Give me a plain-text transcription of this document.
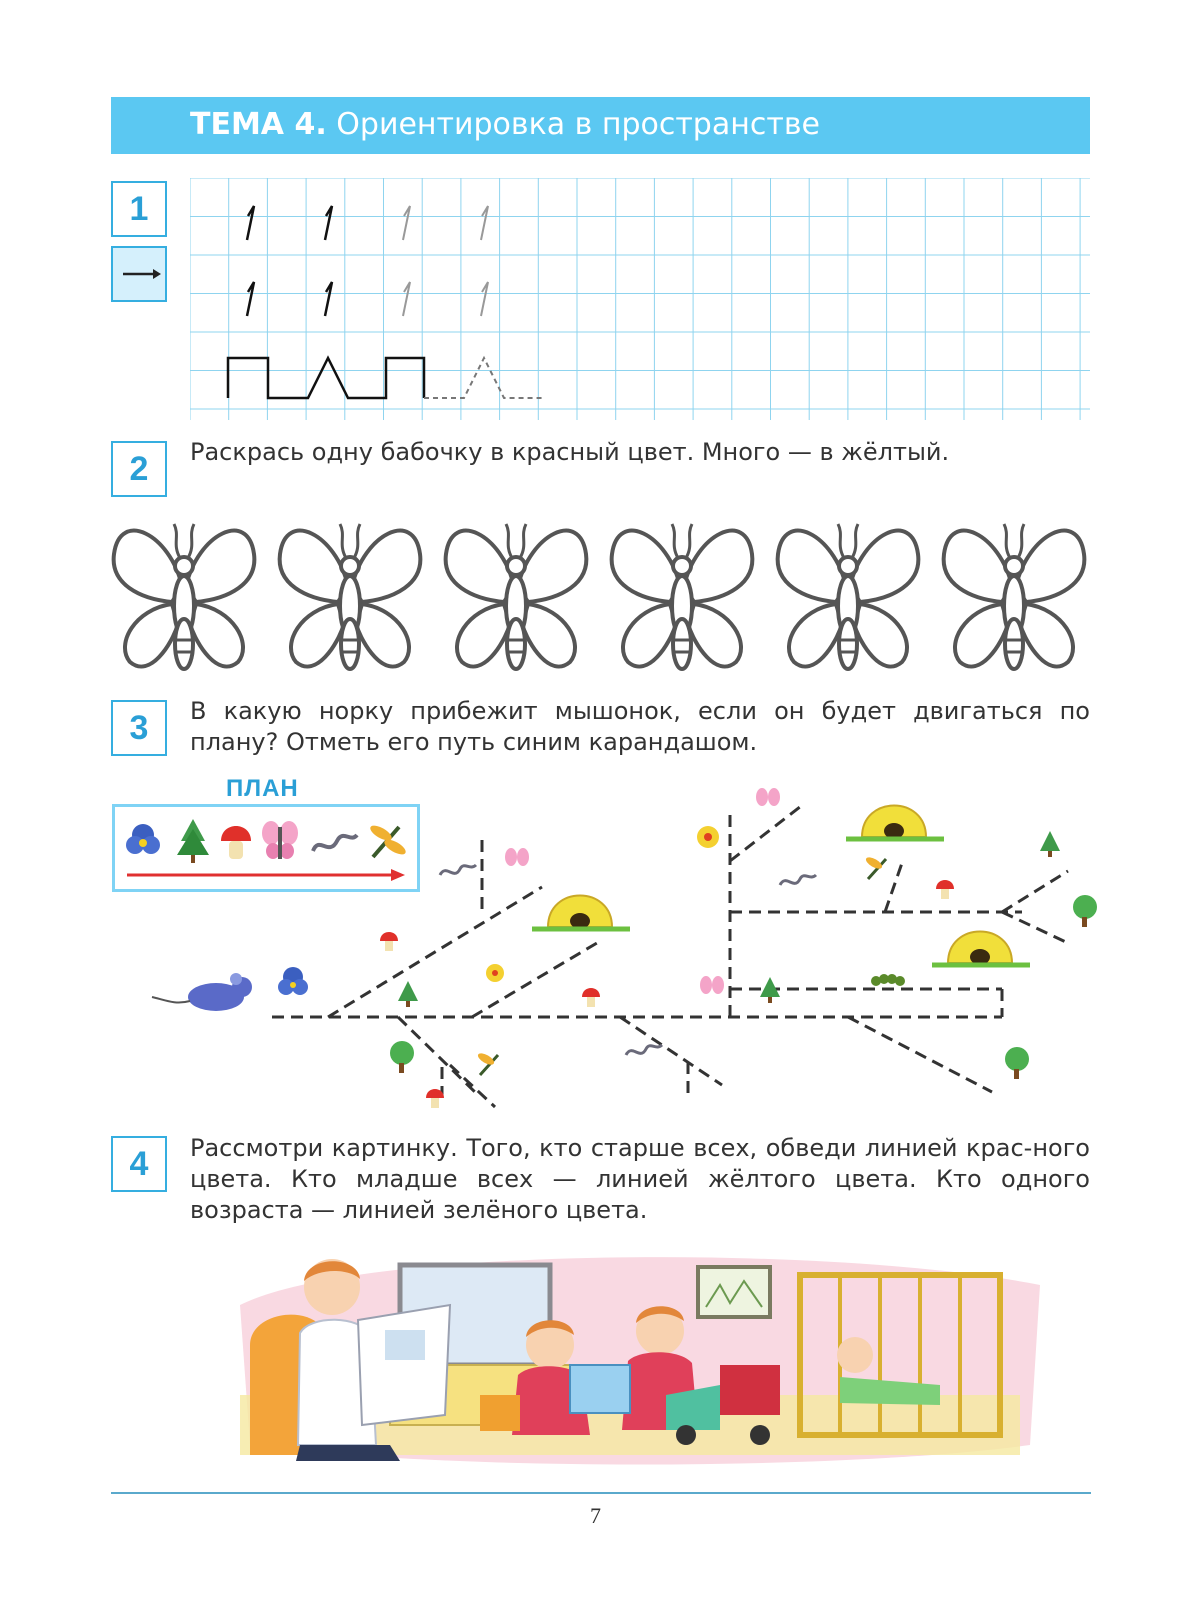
ТЕМА 4. Ориентировка в пространстве
1
2	Раскрась одну бабочку в красный цвет. Много — в жёлтый.
3	В какую норку прибежит мышонок, если он будет двигаться по плану? Отметь его путь синим карандашом.
ПЛАН
4	Рассмотри картинку. Того, кто старше всех, обведи линией крас-ного цвета. Кто младше всех — линией жёлтого цвета. Кто одного возраста — линией зелёного цвета.
7
